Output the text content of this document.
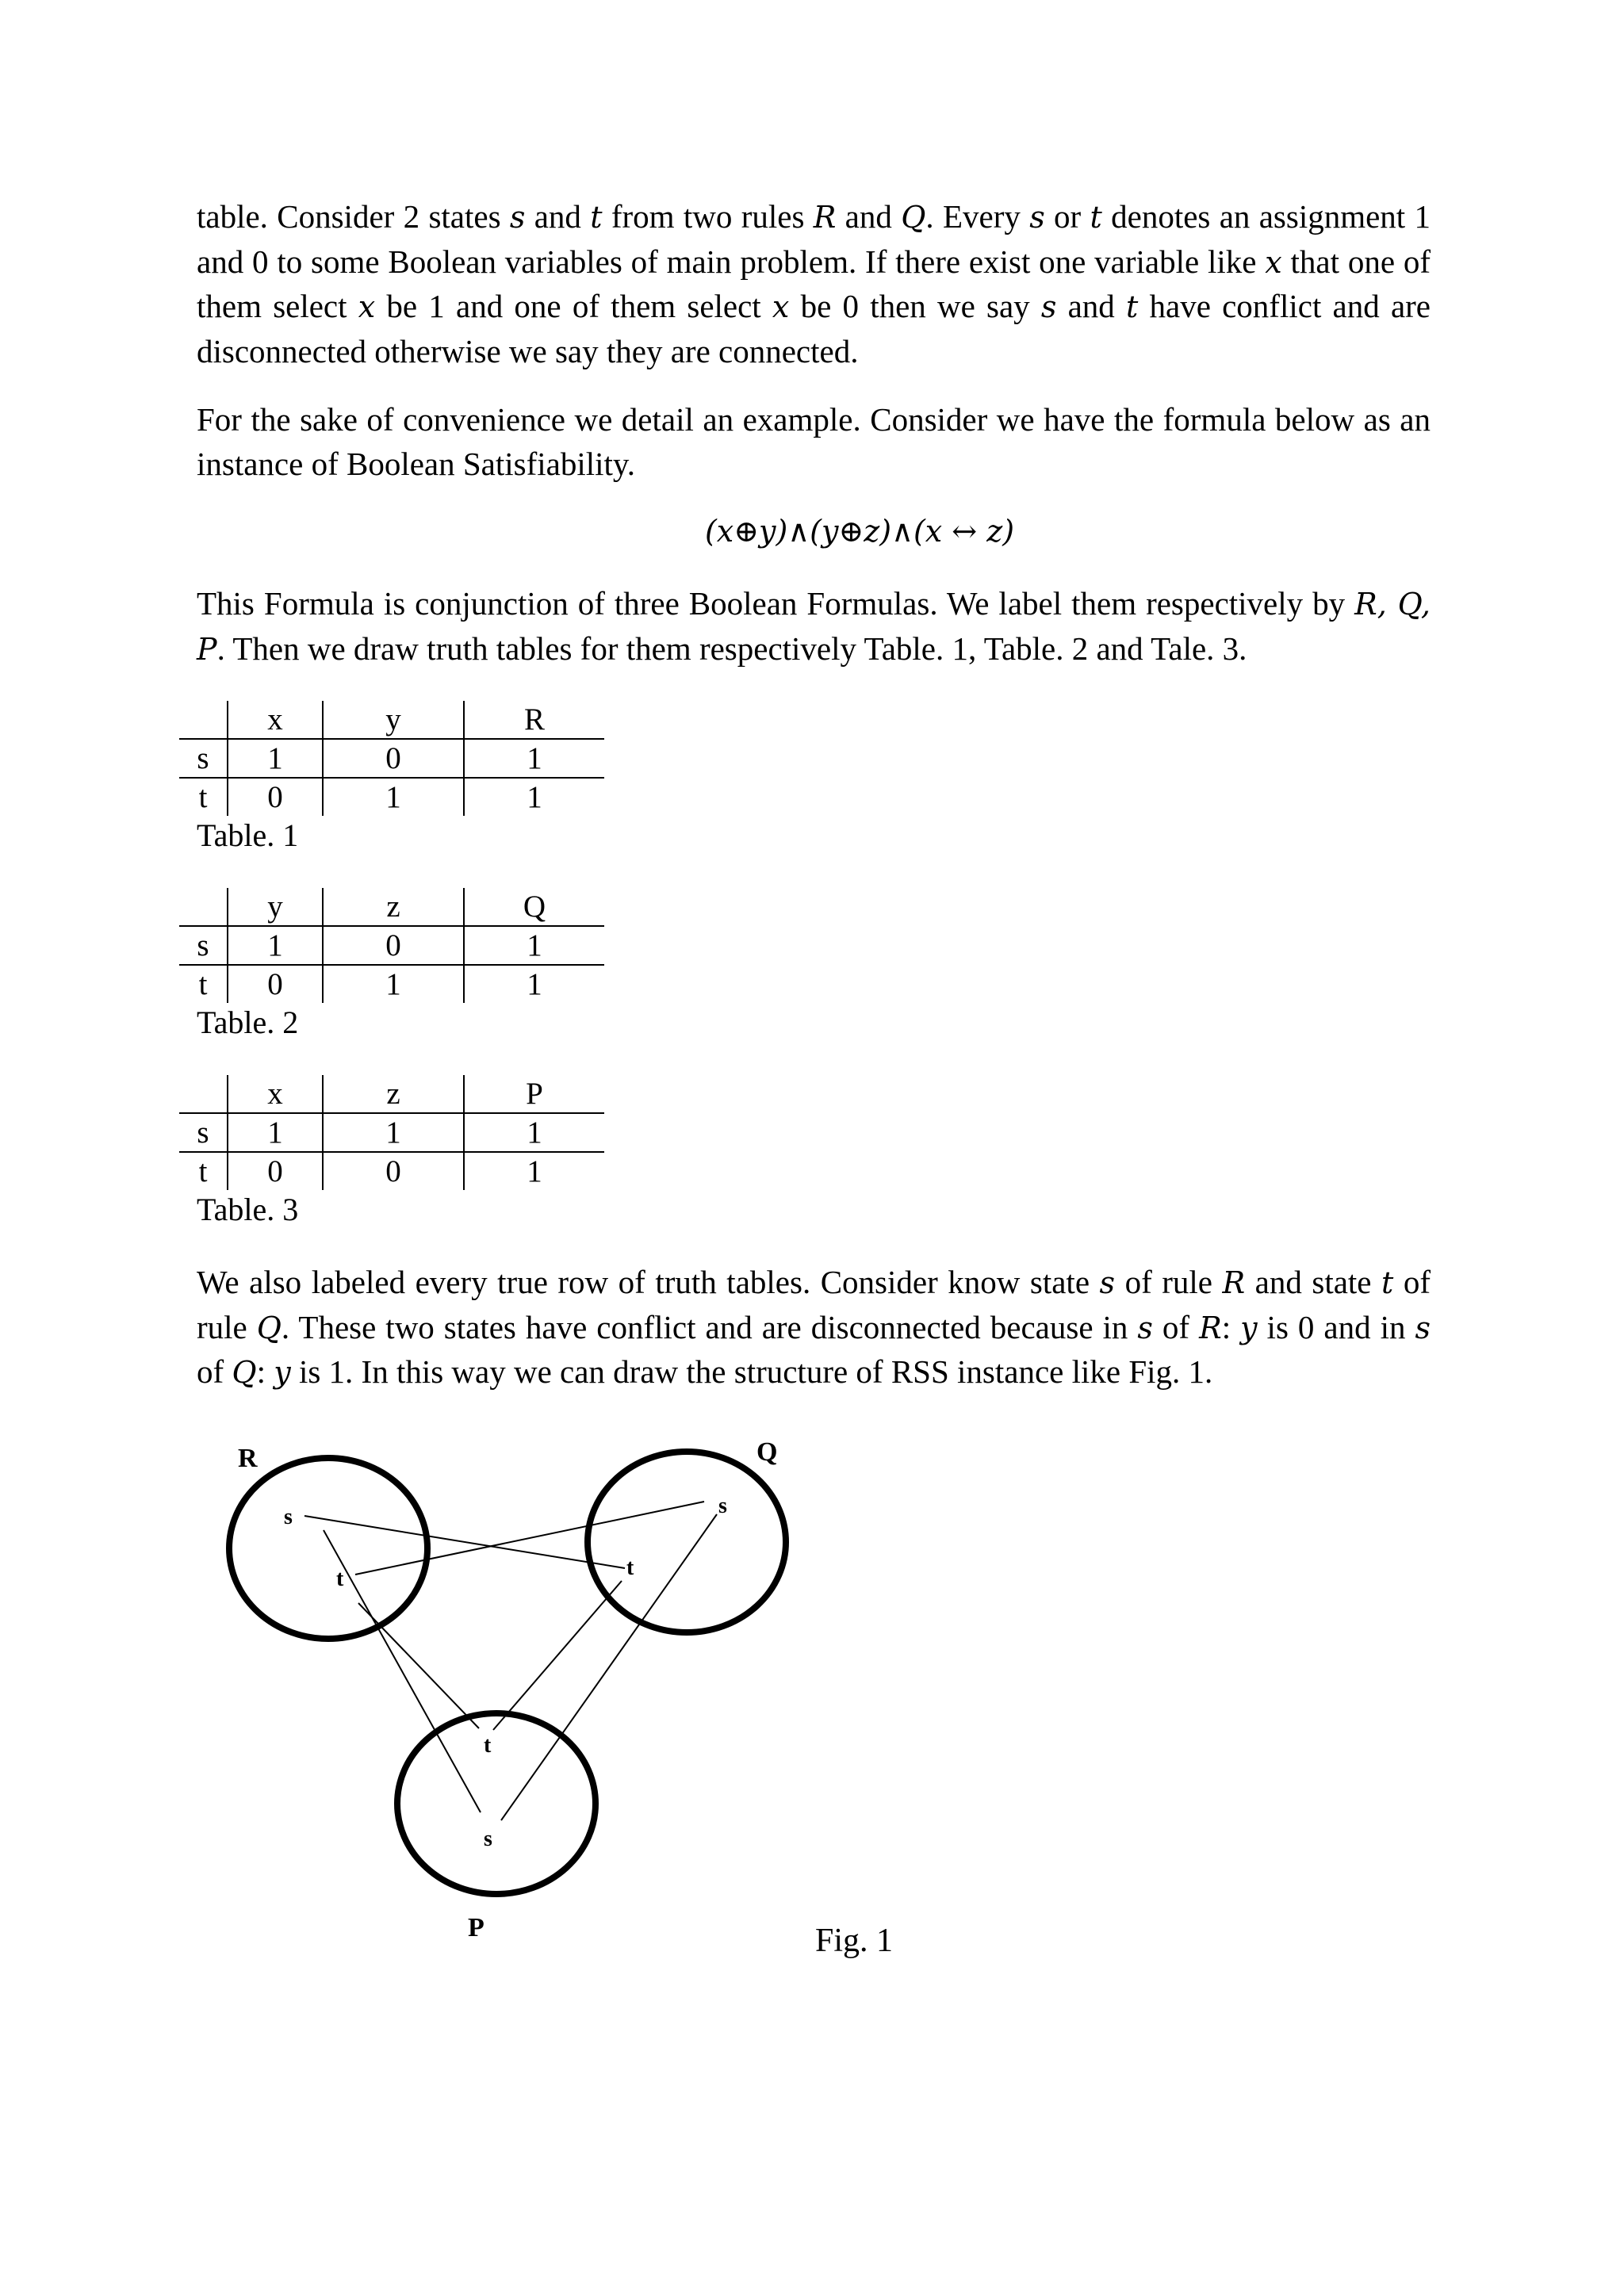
table. Consider 2 states s and t from two rules R and Q. Every s or t denotes an assignment 1 and 0 to some Boolean variables of main problem. If there exist one variable like x that one of them select x be 1 and one of them select x be 0 then we say s and t have conflict and are disconnected otherwise we say they are connected.

For the sake of convenience we detail an example. Consider we have the formula below as an instance of Boolean Satisfiability.

(x⊕y)∧(y⊕z)∧(x ↔ z)

This Formula is conjunction of three Boolean Formulas. We label them respectively by R, Q, P. Then we draw truth tables for them respectively Table. 1, Table. 2 and Tale. 3.

	x	y	R
s	1	0	1
t	0	1	1
Table. 1
	y	z	Q
s	1	0	1
t	0	1	1
Table. 2
	x	z	P
s	1	1	1
t	0	0	1
Table. 3

We also labeled every true row of truth tables. Consider know state s of rule R and state t of rule Q. These two states have conflict and are disconnected because in s of R: y is 0 and in s of Q: y is 1. In this way we can draw the structure of RSS instance like Fig. 1.

R	Q
P
s
t
s
t
t
s
Fig. 1
